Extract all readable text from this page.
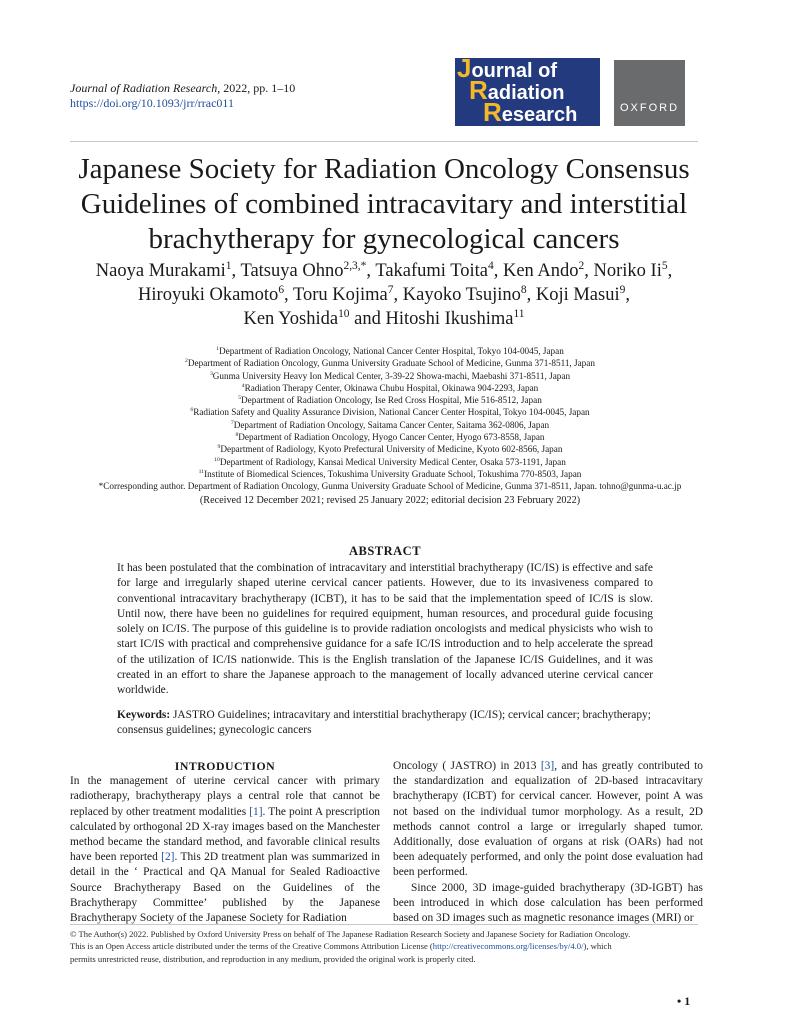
Journal of Radiation Research, 2022, pp. 1–10
https://doi.org/10.1093/jrr/rrac011
Journal of
Radiation
Research	OXFORD
Japanese Society for Radiation Oncology Consensus Guidelines of combined intracavitary and interstitial brachytherapy for gynecological cancers
Naoya Murakami$^1$, Tatsuya Ohno$^{2,3,*}$, Takafumi Toita$^4$, Ken Ando$^2$, Noriko Ii$^5$,
Hiroyuki Okamoto$^6$, Toru Kojima$^7$, Kayoko Tsujino$^8$, Koji Masui$^9$,
Ken Yoshida$^{10}$ and Hitoshi Ikushima$^{11}$
$^1$Department of Radiation Oncology, National Cancer Center Hospital, Tokyo 104-0045, Japan
$^2$Department of Radiation Oncology, Gunma University Graduate School of Medicine, Gunma 371-8511, Japan
$^3$Gunma University Heavy Ion Medical Center, 3-39-22 Showa-machi, Maebashi 371-8511, Japan
$^4$Radiation Therapy Center, Okinawa Chubu Hospital, Okinawa 904-2293, Japan
$^5$Department of Radiation Oncology, Ise Red Cross Hospital, Mie 516-8512, Japan
$^6$Radiation Safety and Quality Assurance Division, National Cancer Center Hospital, Tokyo 104-0045, Japan
$^7$Department of Radiation Oncology, Saitama Cancer Center, Saitama 362-0806, Japan
$^8$Department of Radiation Oncology, Hyogo Cancer Center, Hyogo 673-8558, Japan
$^9$Department of Radiology, Kyoto Prefectural University of Medicine, Kyoto 602-8566, Japan
$^{10}$Department of Radiology, Kansai Medical University Medical Center, Osaka 573-1191, Japan
$^{11}$Institute of Biomedical Sciences, Tokushima University Graduate School, Tokushima 770-8503, Japan
*Corresponding author. Department of Radiation Oncology, Gunma University Graduate School of Medicine, Gunma 371-8511, Japan. tohno@gunma-u.ac.jp
(Received 12 December 2021; revised 25 January 2022; editorial decision 23 February 2022)
ABSTRACT
It has been postulated that the combination of intracavitary and interstitial brachytherapy (IC/IS) is effective and safe for large and irregularly shaped uterine cervical cancer patients. However, due to its invasiveness compared to conventional intracavitary brachytherapy (ICBT), it has to be said that the implementation speed of IC/IS is slow. Until now, there have been no guidelines for required equipment, human resources, and procedural guide focusing solely on IC/IS. The purpose of this guideline is to provide radiation oncologists and medical physicists who wish to start IC/IS with practical and comprehensive guidance for a safe IC/IS introduction and to help accelerate the spread of the utilization of IC/IS nationwide. This is the English translation of the Japanese IC/IS Guidelines, and it was created in an effort to share the Japanese approach to the management of locally advanced uterine cervical cancer worldwide.
Keywords: JASTRO Guidelines; intracavitary and interstitial brachytherapy (IC/IS); cervical cancer; brachytherapy; consensus guidelines; gynecologic cancers
INTRODUCTION

In the management of uterine cervical cancer with primary radiotherapy, brachytherapy plays a central role that cannot be replaced by other treatment modalities [1]. The point A prescription calculated by orthogonal 2D X-ray images based on the Manchester method became the standard method, and favorable clinical results have been reported [2]. This 2D treatment plan was summarized in detail in the ‘ Practical and QA Manual for Sealed Radioactive Source Brachytherapy Based on the Guidelines of the Brachytherapy Committee’ published by the Japanese Brachytherapy Society of the Japanese Society for Radiation

Oncology ( JASTRO) in 2013 [3], and has greatly contributed to the standardization and equalization of 2D-based intracavitary brachytherapy (ICBT) for cervical cancer. However, point A was not based on the individual tumor morphology. As a result, 2D methods cannot control a large or irregularly shaped tumor. Additionally, dose evaluation of organs at risk (OARs) had not been adequately performed, and only the point dose evaluation had been performed.

Since 2000, 3D image-guided brachytherapy (3D-IGBT) has been introduced in which dose calculation has been performed based on 3D images such as magnetic resonance images (MRI) or

© The Author(s) 2022. Published by Oxford University Press on behalf of The Japanese Radiation Research Society and Japanese Society for Radiation Oncology.
This is an Open Access article distributed under the terms of the Creative Commons Attribution License (http://creativecommons.org/licenses/by/4.0/), which
permits unrestricted reuse, distribution, and reproduction in any medium, provided the original work is properly cited.
• 1
